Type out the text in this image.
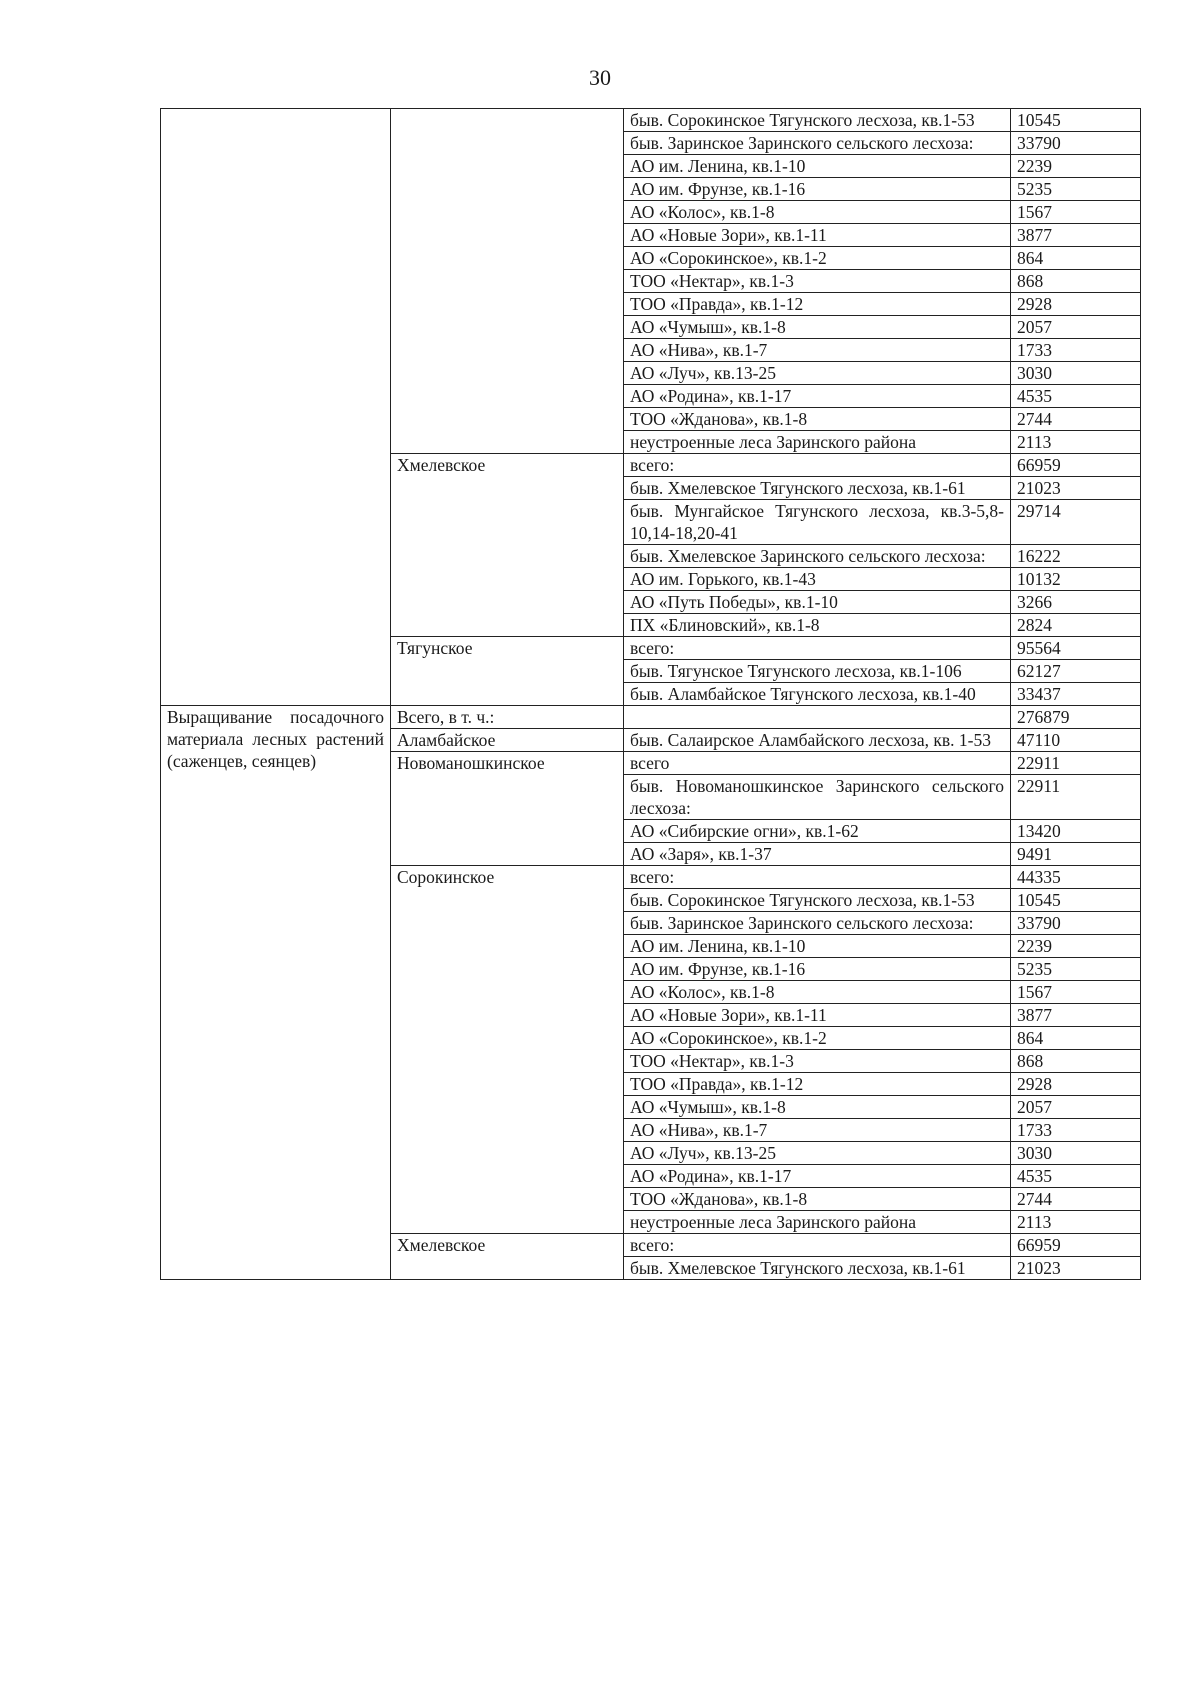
30
		быв. Сорокинское Тягунского лесхоза, кв.1-53	10545
		быв. Заринское Заринского сельского лесхоза:	33790
		АО им. Ленина, кв.1-10	2239
		АО им. Фрунзе, кв.1-16	5235
		АО «Колос», кв.1-8	1567
		АО «Новые Зори», кв.1-11	3877
		АО «Сорокинское», кв.1-2	864
		ТОО «Нектар», кв.1-3	868
		ТОО «Правда», кв.1-12	2928
		АО «Чумыш», кв.1-8	2057
		АО «Нива», кв.1-7	1733
		АО «Луч», кв.13-25	3030
		АО «Родина», кв.1-17	4535
		ТОО «Жданова», кв.1-8	2744
		неустроенные леса Заринского района	2113
	Хмелевское	всего:	66959
		быв. Хмелевское Тягунского лесхоза, кв.1-61	21023
		быв. Мунгайское Тягунского лесхоза, кв.3-5,8-10,14-18,20-41	29714
		быв. Хмелевское Заринского сельского лесхоза:	16222
		АО им. Горького, кв.1-43	10132
		АО «Путь Победы», кв.1-10	3266
		ПХ «Блиновский», кв.1-8	2824
	Тягунское	всего:	95564
		быв. Тягунское Тягунского лесхоза, кв.1-106	62127
		быв. Аламбайское Тягунского лесхоза, кв.1-40	33437
Выращивание посадочного материала лесных растений (саженцев, сеянцев)	Всего, в т. ч.:		276879
	Аламбайское	быв. Салаирское Аламбайского лесхоза, кв. 1-53	47110
	Новоманошкинское	всего	22911
		быв. Новоманошкинское Заринского сельского лесхоза:	22911
		АО «Сибирские огни», кв.1-62	13420
		АО «Заря», кв.1-37	9491
	Сорокинское	всего:	44335
		быв. Сорокинское Тягунского лесхоза, кв.1-53	10545
		быв. Заринское Заринского сельского лесхоза:	33790
		АО им. Ленина, кв.1-10	2239
		АО им. Фрунзе, кв.1-16	5235
		АО «Колос», кв.1-8	1567
		АО «Новые Зори», кв.1-11	3877
		АО «Сорокинское», кв.1-2	864
		ТОО «Нектар», кв.1-3	868
		ТОО «Правда», кв.1-12	2928
		АО «Чумыш», кв.1-8	2057
		АО «Нива», кв.1-7	1733
		АО «Луч», кв.13-25	3030
		АО «Родина», кв.1-17	4535
		ТОО «Жданова», кв.1-8	2744
		неустроенные леса Заринского района	2113
	Хмелевское	всего:	66959
		быв. Хмелевское Тягунского лесхоза, кв.1-61	21023
